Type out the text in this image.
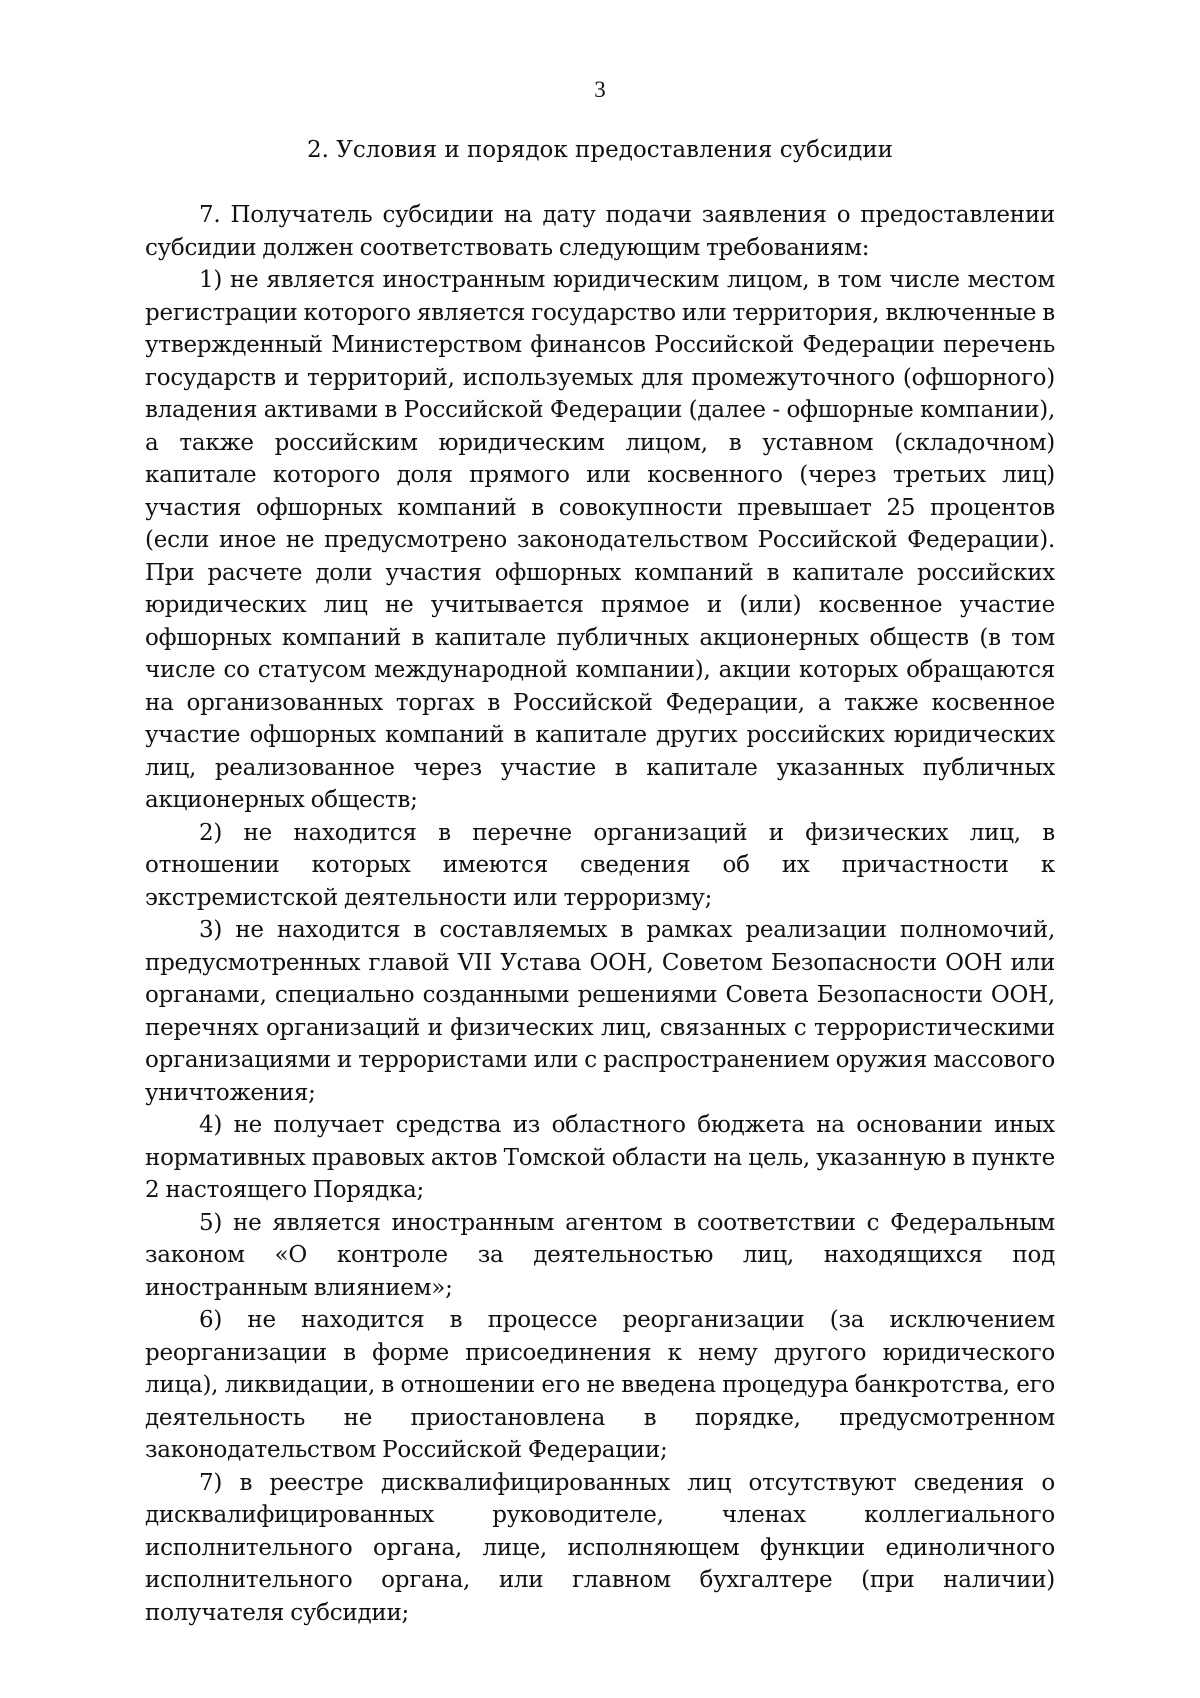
3
2. Условия и порядок предоставления субсидии

7. Получатель субсидии на дату подачи заявления о предоставлении субсидии должен соответствовать следующим требованиям:

1) не является иностранным юридическим лицом, в том числе местом регистрации которого является государство или территория, включенные в утвержденный Министерством финансов Российской Федерации перечень государств и территорий, используемых для промежуточного (офшорного) владения активами в Российской Федерации (далее - офшорные компании), а также российским юридическим лицом, в уставном (складочном) капитале которого доля прямого или косвенного (через третьих лиц) участия офшорных компаний в совокупности превышает 25 процентов (если иное не предусмотрено законодательством Российской Федерации). При расчете доли участия офшорных компаний в капитале российских юридических лиц не учитывается прямое и (или) косвенное участие офшорных компаний в капитале публичных акционерных обществ (в том числе со статусом международной компании), акции которых обращаются на организованных торгах в Российской Федерации, а также косвенное участие офшорных компаний в капитале других российских юридических лиц, реализованное через участие в капитале указанных публичных акционерных обществ;

2) не находится в перечне организаций и физических лиц, в отношении которых имеются сведения об их причастности к экстремистской деятельности или терроризму;

3) не находится в составляемых в рамках реализации полномочий, предусмотренных главой VII Устава ООН, Советом Безопасности ООН или органами, специально созданными решениями Совета Безопасности ООН, перечнях организаций и физических лиц, связанных с террористическими организациями и террористами или с распространением оружия массового уничтожения;

4) не получает средства из областного бюджета на основании иных нормативных правовых актов Томской области на цель, указанную в пункте 2 настоящего Порядка;

5) не является иностранным агентом в соответствии с Федеральным законом «О контроле за деятельностью лиц, находящихся под иностранным влиянием»;

6) не находится в процессе реорганизации (за исключением реорганизации в форме присоединения к нему другого юридического лица), ликвидации, в отношении его не введена процедура банкротства, его деятельность не приостановлена в порядке, предусмотренном законодательством Российской Федерации;

7) в реестре дисквалифицированных лиц отсутствуют сведения о дисквалифицированных руководителе, членах коллегиального исполнительного органа, лице, исполняющем функции единоличного исполнительного органа, или главном бухгалтере (при наличии) получателя субсидии;
